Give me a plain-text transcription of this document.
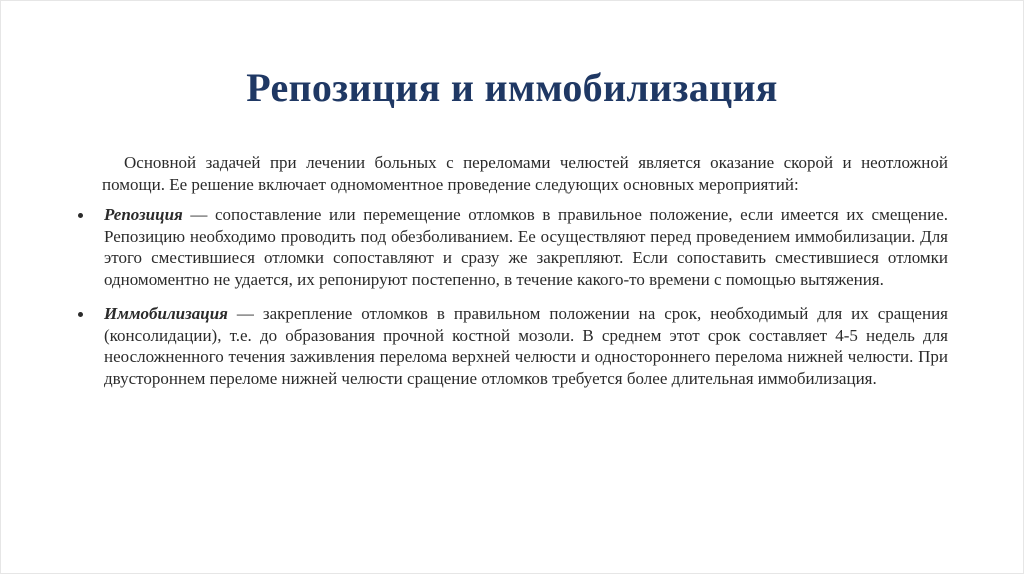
Репозиция и иммобилизация

Основной задачей при лечении больных с переломами челюстей является оказание скорой и неотложной помощи. Ее решение включает одномоментное проведение следующих основных мероприятий:

Репозиция — сопоставление или перемещение отломков в правильное положение, если имеется их смещение. Репозицию необходимо проводить под обезболиванием. Ее осуществляют перед проведением иммобилизации. Для этого сместившиеся отломки сопоставляют и сразу же закрепляют. Если сопоставить сместившиеся отломки одномоментно не удается, их репонируют постепенно, в течение какого-то времени с помощью вытяжения.
Иммобилизация — закрепление отломков в правильном положении на срок, необходимый для их сращения (консолидации), т.е. до образования прочной костной мозоли. В среднем этот срок составляет 4-5 недель для неосложненного течения заживления перелома верхней челюсти и одностороннего перелома нижней челюсти. При двустороннем переломе нижней челюсти сращение отломков требуется более длительная иммобилизация.
